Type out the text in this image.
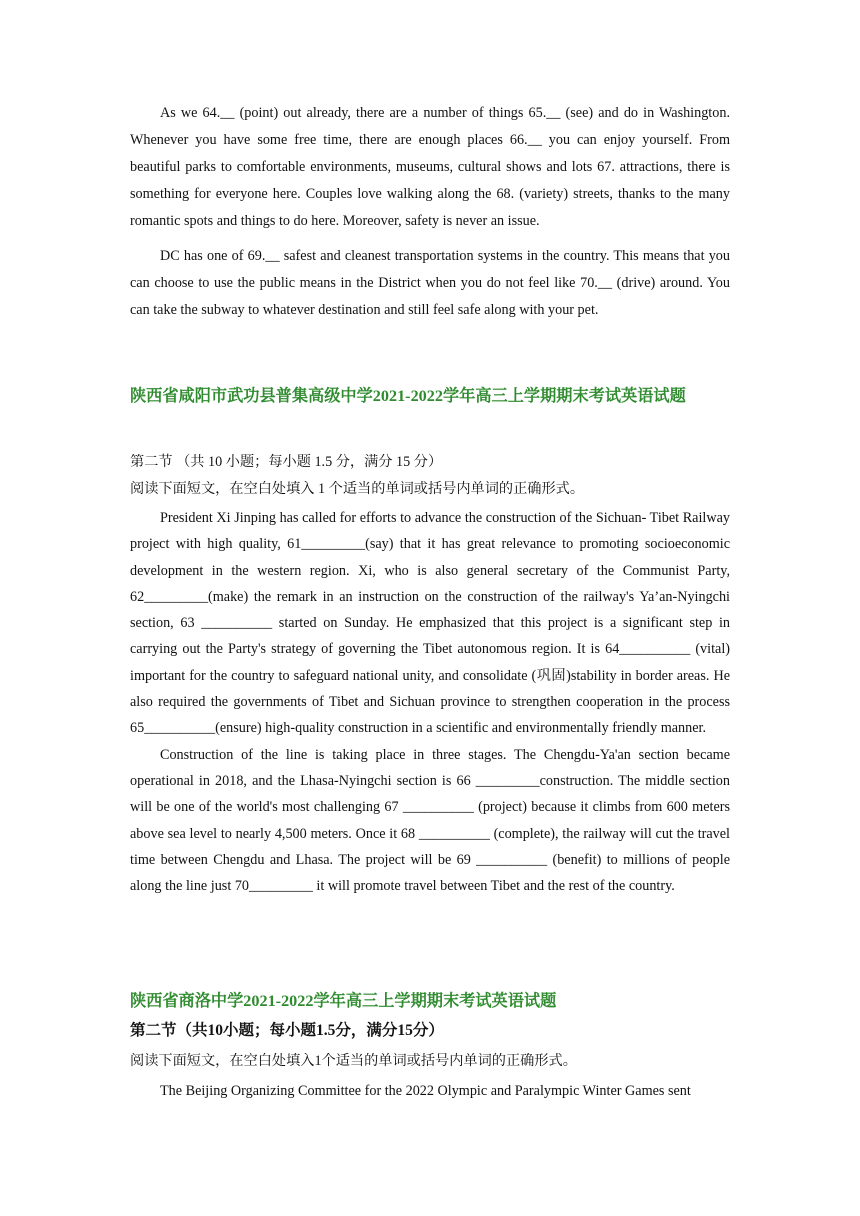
As we 64.__ (point) out already, there are a number of things 65.__ (see) and do in Washington. Whenever you have some free time, there are enough places 66.__ you can enjoy yourself. From beautiful parks to comfortable environments, museums, cultural shows and lots 67. attractions, there is something for everyone here. Couples love walking along the 68. (variety) streets, thanks to the many romantic spots and things to do here. Moreover, safety is never an issue.

DC has one of 69.__ safest and cleanest transportation systems in the country. This means that you can choose to use the public means in the District when you do not feel like 70.__ (drive) around. You can take the subway to whatever destination and still feel safe along with your pet.

陕西省咸阳市武功县普集高级中学2021-2022学年高三上学期期末考试英语试题
第二节 （共 10 小题；每小题 1.5 分，满分 15 分）
阅读下面短文，在空白处填入 1 个适当的单词或括号内单词的正确形式。

President Xi Jinping has called for efforts to advance the construction of the Sichuan- Tibet Railway project with high quality, 61_________(say) that it has great relevance to promoting socioeconomic development in the western region. Xi, who is also general secretary of the Communist Party, 62_________(make) the remark in an instruction on the construction of the railway's Ya’an-Nyingchi section, 63 __________ started on Sunday. He emphasized that this project is a significant step in carrying out the Party's strategy of governing the Tibet autonomous region. It is 64__________ (vital) important for the country to safeguard national unity, and consolidate (巩固)stability in border areas. He also required the governments of Tibet and Sichuan province to strengthen cooperation in the process 65__________(ensure) high-quality construction in a scientific and environmentally friendly manner.

Construction of the line is taking place in three stages. The Chengdu-Ya'an section became operational in 2018, and the Lhasa-Nyingchi section is 66 _________construction. The middle section will be one of the world's most challenging 67 __________ (project) because it climbs from 600 meters above sea level to nearly 4,500 meters. Once it 68 __________ (complete), the railway will cut the travel time between Chengdu and Lhasa. The project will be 69 __________ (benefit) to millions of people along the line just 70_________ it will promote travel between Tibet and the rest of the country.

陕西省商洛中学2021-2022学年高三上学期期末考试英语试题
第二节（共10小题；每小题1.5分，满分15分）
阅读下面短文，在空白处填入1个适当的单词或括号内单词的正确形式。

The Beijing Organizing Committee for the 2022 Olympic and Paralympic Winter Games sent
